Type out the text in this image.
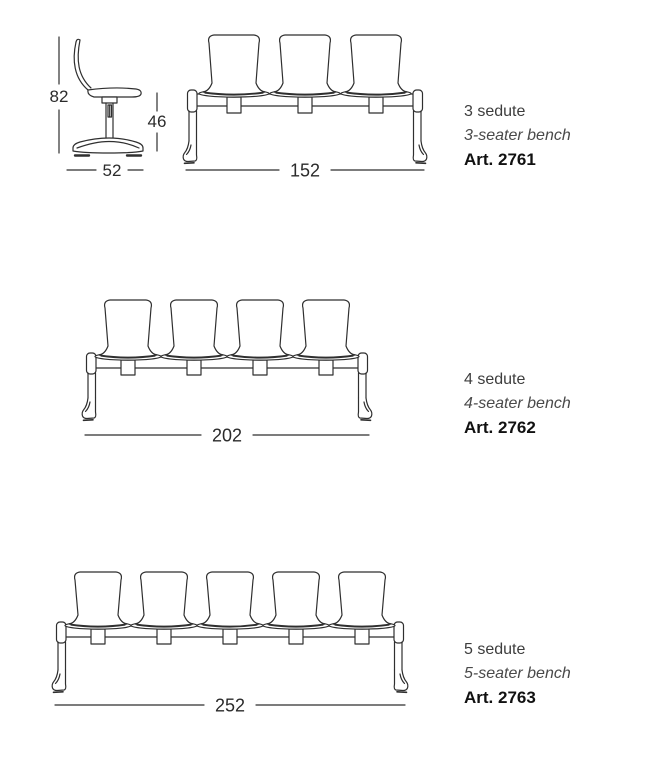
82
46
52	152
202
252
3 sedute
3-seater bench
Art. 2761
4 sedute
4-seater bench
Art. 2762
5 sedute
5-seater bench
Art. 2763
